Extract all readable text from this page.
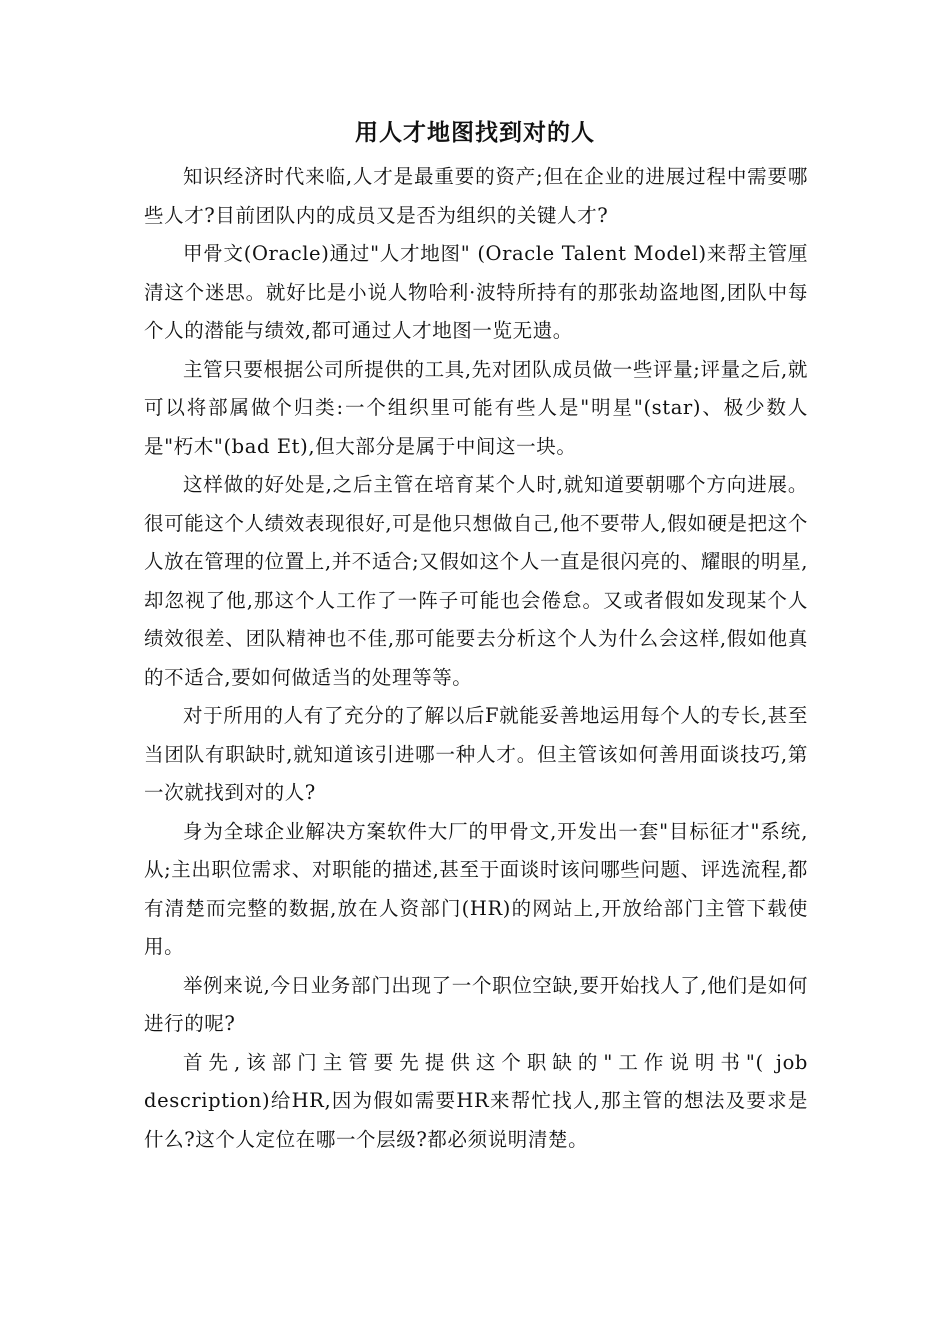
用人才地图找到对的人

知识经济时代来临,人才是最重要的资产;但在企业的进展过程中需要哪些人才?目前团队内的成员又是否为组织的关键人才?

甲骨文(Oracle)通过"人才地图" (Oracle Talent Model)来帮主管厘清这个迷思。就好比是小说人物哈利·波特所持有的那张劫盗地图,团队中每个人的潜能与绩效,都可通过人才地图一览无遗。

主管只要根据公司所提供的工具,先对团队成员做一些评量;评量之后,就可以将部属做个归类:一个组织里可能有些人是"明星"(star)、极少数人是"朽木"(bad Et),但大部分是属于中间这一块。

这样做的好处是,之后主管在培育某个人时,就知道要朝哪个方向进展。很可能这个人绩效表现很好,可是他只想做自己,他不要带人,假如硬是把这个人放在管理的位置上,并不适合;又假如这个人一直是很闪亮的、耀眼的明星,却忽视了他,那这个人工作了一阵子可能也会倦怠。又或者假如发现某个人绩效很差、团队精神也不佳,那可能要去分析这个人为什么会这样,假如他真的不适合,要如何做适当的处理等等。

对于所用的人有了充分的了解以后F就能妥善地运用每个人的专长,甚至当团队有职缺时,就知道该引进哪一种人才。但主管该如何善用面谈技巧,第一次就找到对的人?

身为全球企业解决方案软件大厂的甲骨文,开发出一套"目标征才"系统,从;主出职位需求、对职能的描述,甚至于面谈时该问哪些问题、评选流程,都有清楚而完整的数据,放在人资部门(HR)的网站上,开放给部门主管下载使用。

举例来说,今日业务部门出现了一个职位空缺,要开始找人了,他们是如何进行的呢?

首先,该部门主管要先提供这个职缺的"工作说明书"( job description)给HR,因为假如需要HR来帮忙找人,那主管的想法及要求是什么?这个人定位在哪一个层级?都必须说明清楚。
